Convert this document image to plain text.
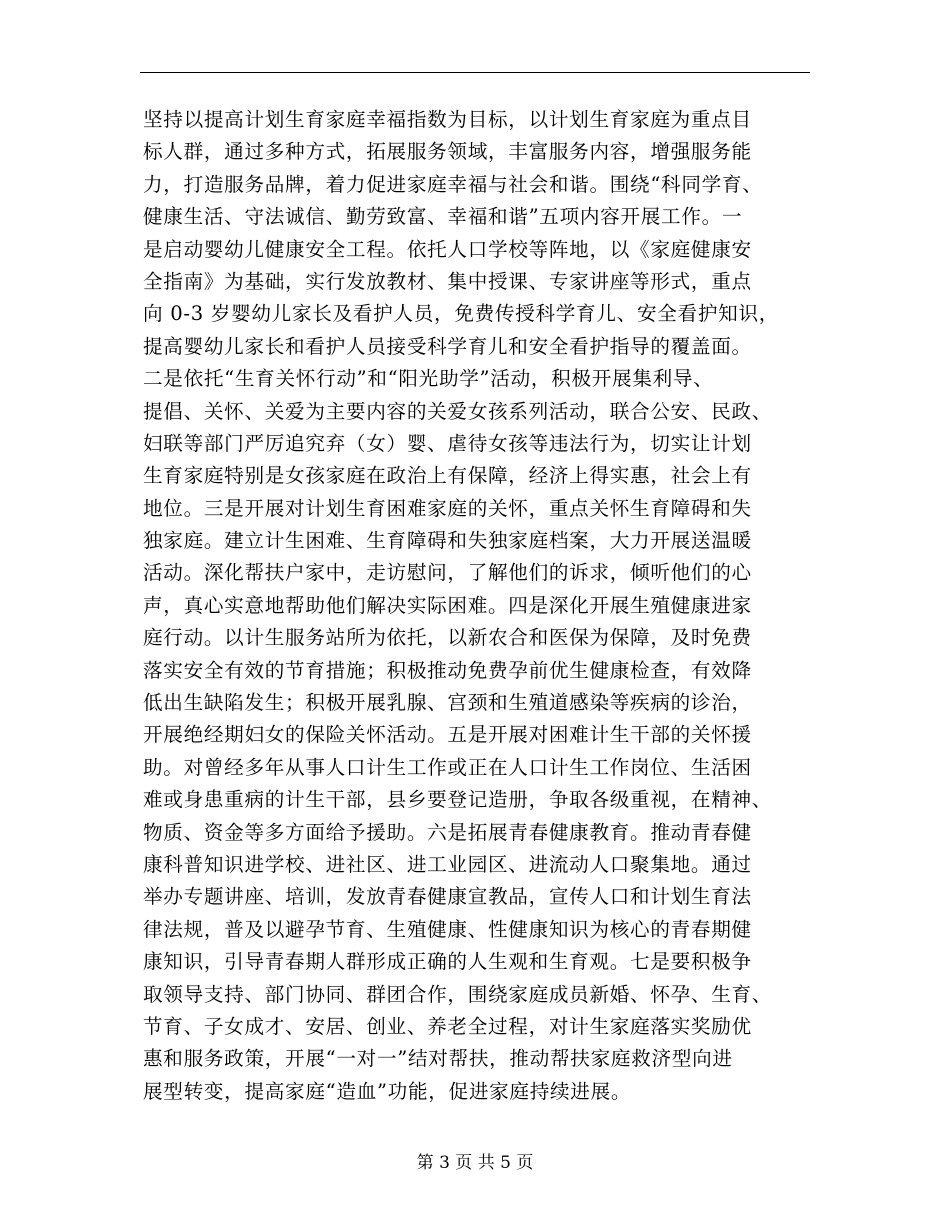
坚持以提高计划生育家庭幸福指数为目标，以计划生育家庭为重点目
标人群，通过多种方式，拓展服务领域，丰富服务内容，增强服务能
力，打造服务品牌，着力促进家庭幸福与社会和谐。围绕“科同学育、
健康生活、守法诚信、勤劳致富、幸福和谐”五项内容开展工作。一
是启动婴幼儿健康安全工程。依托人口学校等阵地，以《家庭健康安
全指南》为基础，实行发放教材、集中授课、专家讲座等形式，重点
向 0-3 岁婴幼儿家长及看护人员，免费传授科学育儿、安全看护知识，
提高婴幼儿家长和看护人员接受科学育儿和安全看护指导的覆盖面。
二是依托“生育关怀行动”和“阳光助学”活动，积极开展集利导、
提倡、关怀、关爱为主要内容的关爱女孩系列活动，联合公安、民政、
妇联等部门严厉追究弃（女）婴、虐待女孩等违法行为，切实让计划
生育家庭特别是女孩家庭在政治上有保障，经济上得实惠，社会上有
地位。三是开展对计划生育困难家庭的关怀，重点关怀生育障碍和失
独家庭。建立计生困难、生育障碍和失独家庭档案，大力开展送温暖
活动。深化帮扶户家中，走访慰问，了解他们的诉求，倾听他们的心
声，真心实意地帮助他们解决实际困难。四是深化开展生殖健康进家
庭行动。以计生服务站所为依托，以新农合和医保为保障，及时免费
落实安全有效的节育措施；积极推动免费孕前优生健康检查，有效降
低出生缺陷发生；积极开展乳腺、宫颈和生殖道感染等疾病的诊治，
开展绝经期妇女的保险关怀活动。五是开展对困难计生干部的关怀援
助。对曾经多年从事人口计生工作或正在人口计生工作岗位、生活困
难或身患重病的计生干部，县乡要登记造册，争取各级重视，在精神、
物质、资金等多方面给予援助。六是拓展青春健康教育。推动青春健
康科普知识进学校、进社区、进工业园区、进流动人口聚集地。通过
举办专题讲座、培训，发放青春健康宣教品，宣传人口和计划生育法
律法规，普及以避孕节育、生殖健康、性健康知识为核心的青春期健
康知识，引导青春期人群形成正确的人生观和生育观。七是要积极争
取领导支持、部门协同、群团合作，围绕家庭成员新婚、怀孕、生育、
节育、子女成才、安居、创业、养老全过程，对计生家庭落实奖励优
惠和服务政策，开展“一对一”结对帮扶，推动帮扶家庭救济型向进
展型转变，提高家庭“造血”功能，促进家庭持续进展。
第 3 页 共 5 页
